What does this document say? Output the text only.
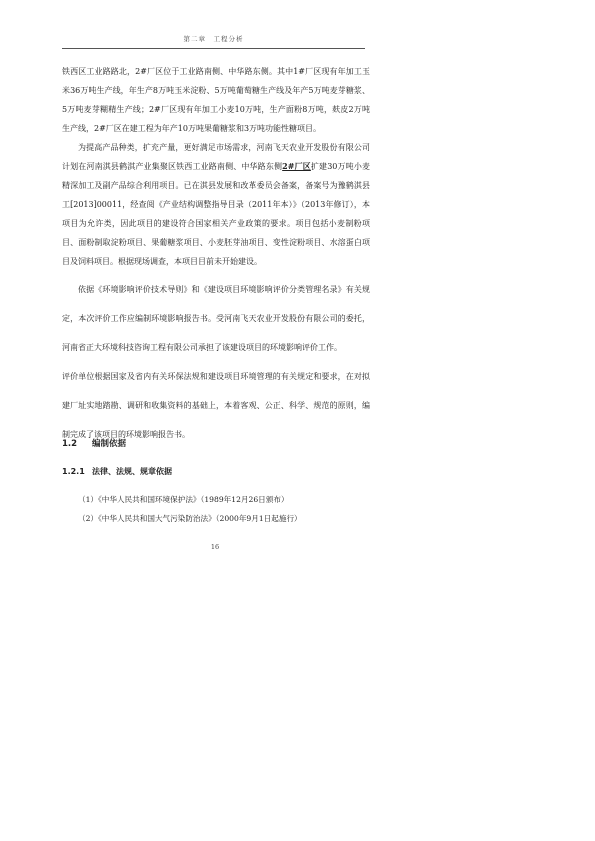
第二章　工程分析

铁西区工业路路北，2#厂区位于工业路南侧、中华路东侧。其中1#厂区现有年加工玉米36万吨生产线，年生产8万吨玉米淀粉、5万吨葡萄糖生产线及年产5万吨麦芽糖浆、5万吨麦芽糊精生产线；2#厂区现有年加工小麦10万吨，生产面粉8万吨，麸皮2万吨生产线，2#厂区在建工程为年产10万吨果葡糖浆和3万吨功能性糖项目。

为提高产品种类，扩充产量，更好满足市场需求，河南飞天农业开发股份有限公司计划在河南淇县鹤淇产业集聚区铁西工业路南侧、中华路东侧2#厂区扩建30万吨小麦精深加工及副产品综合利用项目。已在淇县发展和改革委员会备案，备案号为豫鹤淇县工[2013]00011，经查阅《产业结构调整指导目录（2011年本）》（2013年修订），本项目为允许类，因此项目的建设符合国家相关产业政策的要求。项目包括小麦制粉项目、面粉制取淀粉项目、果葡糖浆项目、小麦胚芽油项目、变性淀粉项目、水溶蛋白项目及饲料项目。根据现场调查，本项目目前未开始建设。

依据《环境影响评价技术导则》和《建设项目环境影响评价分类管理名录》有关规定，本次评价工作应编制环境影响报告书。受河南飞天农业开发股份有限公司的委托，河南省正大环境科技咨询工程有限公司承担了该建设项目的环境影响评价工作。

评价单位根据国家及省内有关环保法规和建设项目环境管理的有关规定和要求，在对拟建厂址实地踏勘、调研和收集资料的基础上，本着客观、公正、科学、规范的原则，编制完成了该项目的环境影响报告书。

1.2 编制依据
1.2.1 法律、法规、规章依据
（1）《中华人民共和国环境保护法》（1989年12月26日颁布）
（2）《中华人民共和国大气污染防治法》（2000年9月1日起施行）
16
